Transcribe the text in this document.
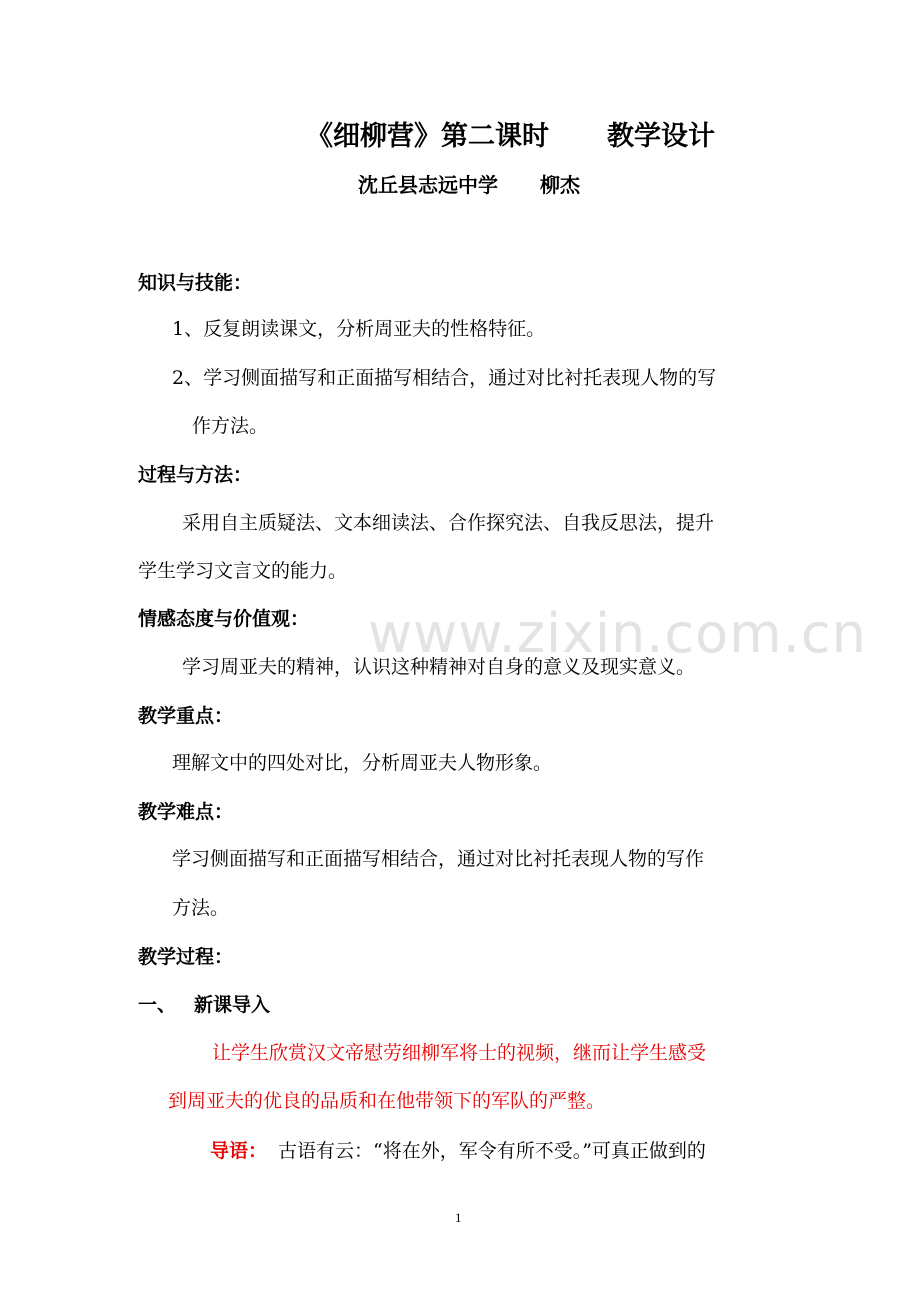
www.zixin.com.cn
《细柳营》第二课时 教学设计
沈丘县志远中学 柳杰
知识与技能：
1、反复朗读课文，分析周亚夫的性格特征。
2、学习侧面描写和正面描写相结合，通过对比衬托表现人物的写
作方法。
过程与方法：
采用自主质疑法、文本细读法、合作探究法、自我反思法，提升
学生学习文言文的能力。
情感态度与价值观：
学习周亚夫的精神，认识这种精神对自身的意义及现实意义。
教学重点：
理解文中的四处对比，分析周亚夫人物形象。
教学难点：
学习侧面描写和正面描写相结合，通过对比衬托表现人物的写作
方法。
教学过程：
一、 新课导入
让学生欣赏汉文帝慰劳细柳军将士的视频，继而让学生感受
到周亚夫的优良的品质和在他带领下的军队的严整。
导语： 古语有云：“将在外，军令有所不受。”可真正做到的
1
